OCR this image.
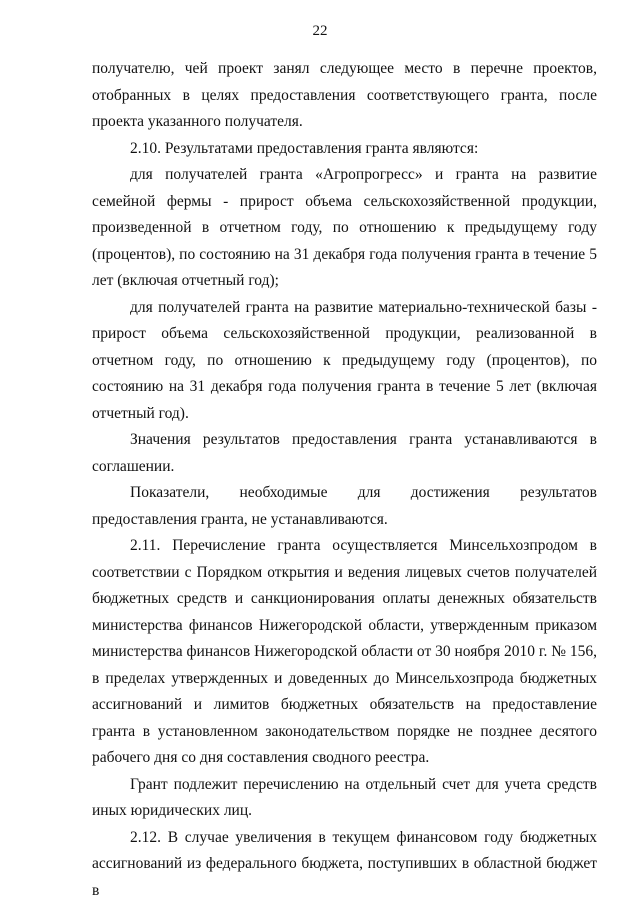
22

получателю, чей проект занял следующее место в перечне проектов, отобранных в целях предоставления соответствующего гранта, после проекта указанного получателя.

2.10. Результатами предоставления гранта являются:

для получателей гранта «Агропрогресс» и гранта на развитие семейной фермы - прирост объема сельскохозяйственной продукции, произведенной в отчетном году, по отношению к предыдущему году (процентов), по состоянию на 31 декабря года получения гранта в течение 5 лет (включая отчетный год);

для получателей гранта на развитие материально-технической базы - прирост объема сельскохозяйственной продукции, реализованной в отчетном году, по отношению к предыдущему году (процентов), по состоянию на 31 декабря года получения гранта в течение 5 лет (включая отчетный год).

Значения результатов предоставления гранта устанавливаются в соглашении.

Показатели, необходимые для достижения результатов предоставления гранта, не устанавливаются.

2.11. Перечисление гранта осуществляется Минсельхозпродом в соответствии с Порядком открытия и ведения лицевых счетов получателей бюджетных средств и санкционирования оплаты денежных обязательств министерства финансов Нижегородской области, утвержденным приказом министерства финансов Нижегородской области от 30 ноября 2010 г. № 156, в пределах утвержденных и доведенных до Минсельхозпрода бюджетных ассигнований и лимитов бюджетных обязательств на предоставление гранта в установленном законодательством порядке не позднее десятого рабочего дня со дня составления сводного реестра.

Грант подлежит перечислению на отдельный счет для учета средств иных юридических лиц.

2.12. В случае увеличения в текущем финансовом году бюджетных ассигнований из федерального бюджета, поступивших в областной бюджет в
